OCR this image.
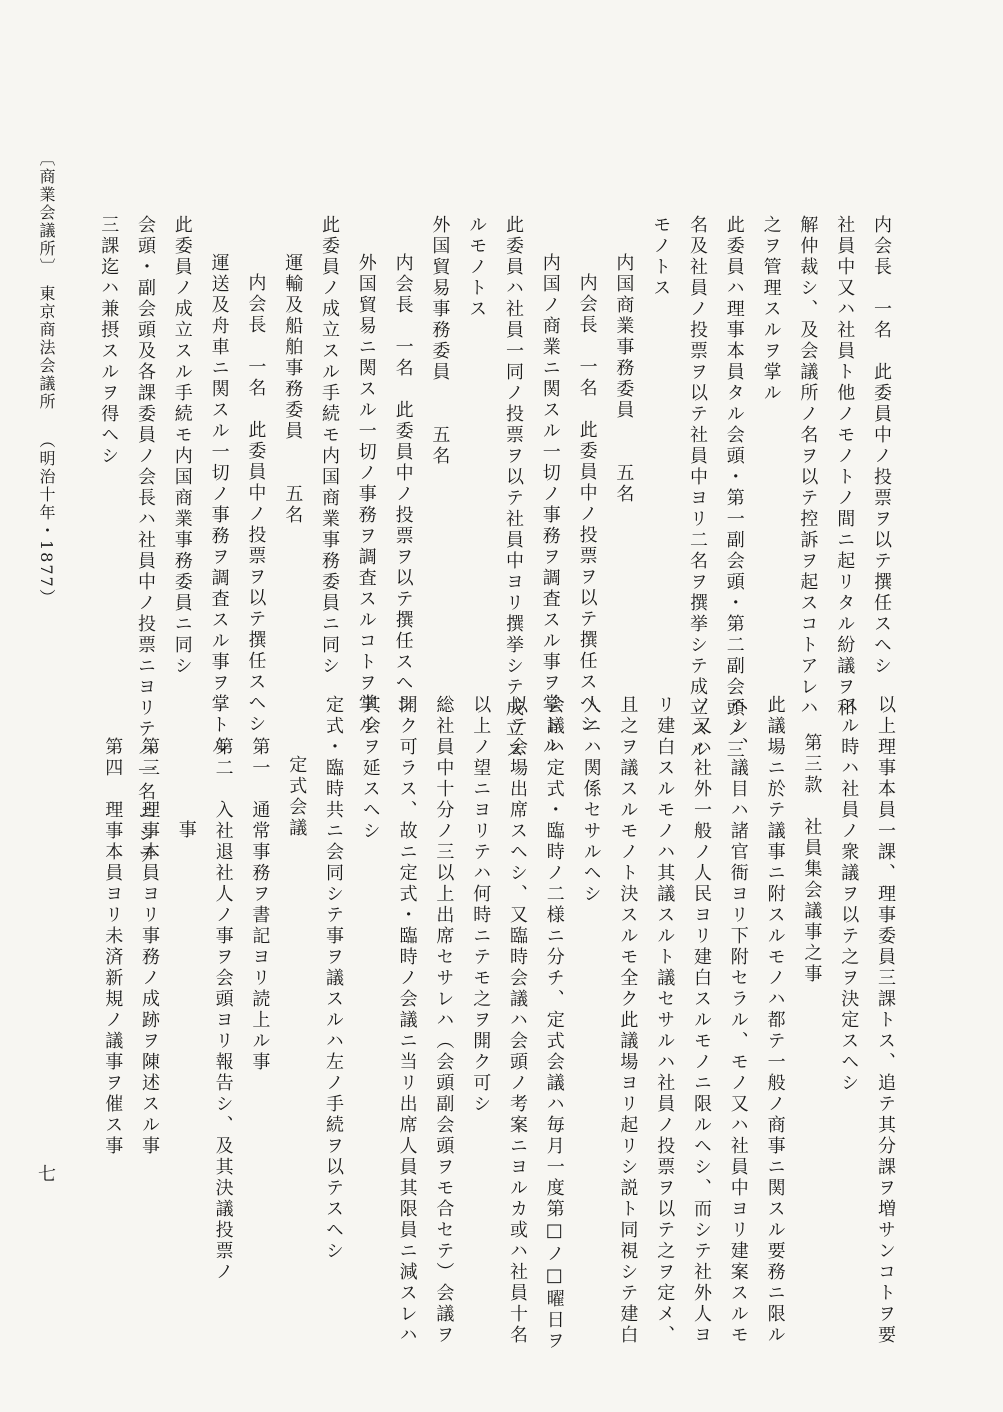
内会長　一名　此委員中ノ投票ヲ以テ撰任スヘシ
社員中又ハ社員ト他ノモノトノ間ニ起リタル紛議ヲ和
解仲裁シ、及会議所ノ名ヲ以テ控訴ヲ起スコトアレハ
之ヲ管理スルヲ掌ル
此委員ハ理事本員タル会頭・第一副会頭・第二副会頭ノ三
名及社員ノ投票ヲ以テ社員中ヨリ二名ヲ撰挙シテ成立スル
モノトス
内国商業事務委員　　五名
内会長　一名　此委員中ノ投票ヲ以テ撰任スヘシ
内国ノ商業ニ関スル一切ノ事務ヲ調査スル事ヲ掌トル
此委員ハ社員一同ノ投票ヲ以テ社員中ヨリ撰挙シテ成立ス
ルモノトス
外国貿易事務委員　　五名
内会長　一名　此委員中ノ投票ヲ以テ撰任スヘシ
外国貿易ニ関スル一切ノ事務ヲ調査スルコトヲ掌ル
此委員ノ成立スル手続モ内国商業事務委員ニ同シ
運輸及船舶事務委員　　五名
内会長　一名　此委員中ノ投票ヲ以テ撰任スヘシ
運送及舟車ニ関スル一切ノ事務ヲ調査スル事ヲ掌トル
此委員ノ成立スル手続モ内国商業事務委員ニ同シ
会頭・副会頭及各課委員ノ会長ハ社員中ノ投票ニヨリテハ一名ニシテ
三課迄ハ兼摂スルヲ得ヘシ
以上理事本員一課、理事委員三課トス、追テ其分課ヲ増サンコトヲ要
スル時ハ社員ノ衆議ヲ以テ之ヲ決定スヘシ
第三款　社員集会議事之事
此議場ニ於テ議事ニ附スルモノハ都テ一般ノ商事ニ関スル要務ニ限ル
ヘシ、議目ハ諸官衙ヨリ下附セラル、モノ又ハ社員中ヨリ建案スルモ
ノ又ハ社外一般ノ人民ヨリ建白スルモノニ限ルヘシ、而シテ社外人ヨ
リ建白スルモノハ其議スルト議セサルハ社員ノ投票ヲ以テ之ヲ定メ、
且之ヲ議スルモノト決スルモ全ク此議場ヨリ起リシ説ト同視シテ建白
人ニハ関係セサルヘシ
会議ハ定式・臨時ノ二様ニ分チ、定式会議ハ毎月一度第□ノ□曜日ヲ
以テ会場出席スヘシ、又臨時会議ハ会頭ノ考案ニヨルカ或ハ社員十名
以上ノ望ニヨリテハ何時ニテモ之ヲ開ク可シ
総社員中十分ノ三以上出席セサレハ（会頭副会頭ヲモ合セテ）会議ヲ
開ク可ラス、故ニ定式・臨時ノ会議ニ当リ出席人員其限員ニ減スレハ
其会ヲ延スヘシ
定式・臨時共ニ会同シテ事ヲ議スルハ左ノ手続ヲ以テスヘシ
定式会議
第一　通常事務ヲ書記ヨリ読上ル事
第二　入社退社人ノ事ヲ会頭ヨリ報告シ、及其決議投票ノ
事
第三　理事本員ヨリ事務ノ成跡ヲ陳述スル事
第四　理事本員ヨリ未済新規ノ議事ヲ催ス事
〔商業会議所〕
東京商法会議所
（明治十年・1877）
七
